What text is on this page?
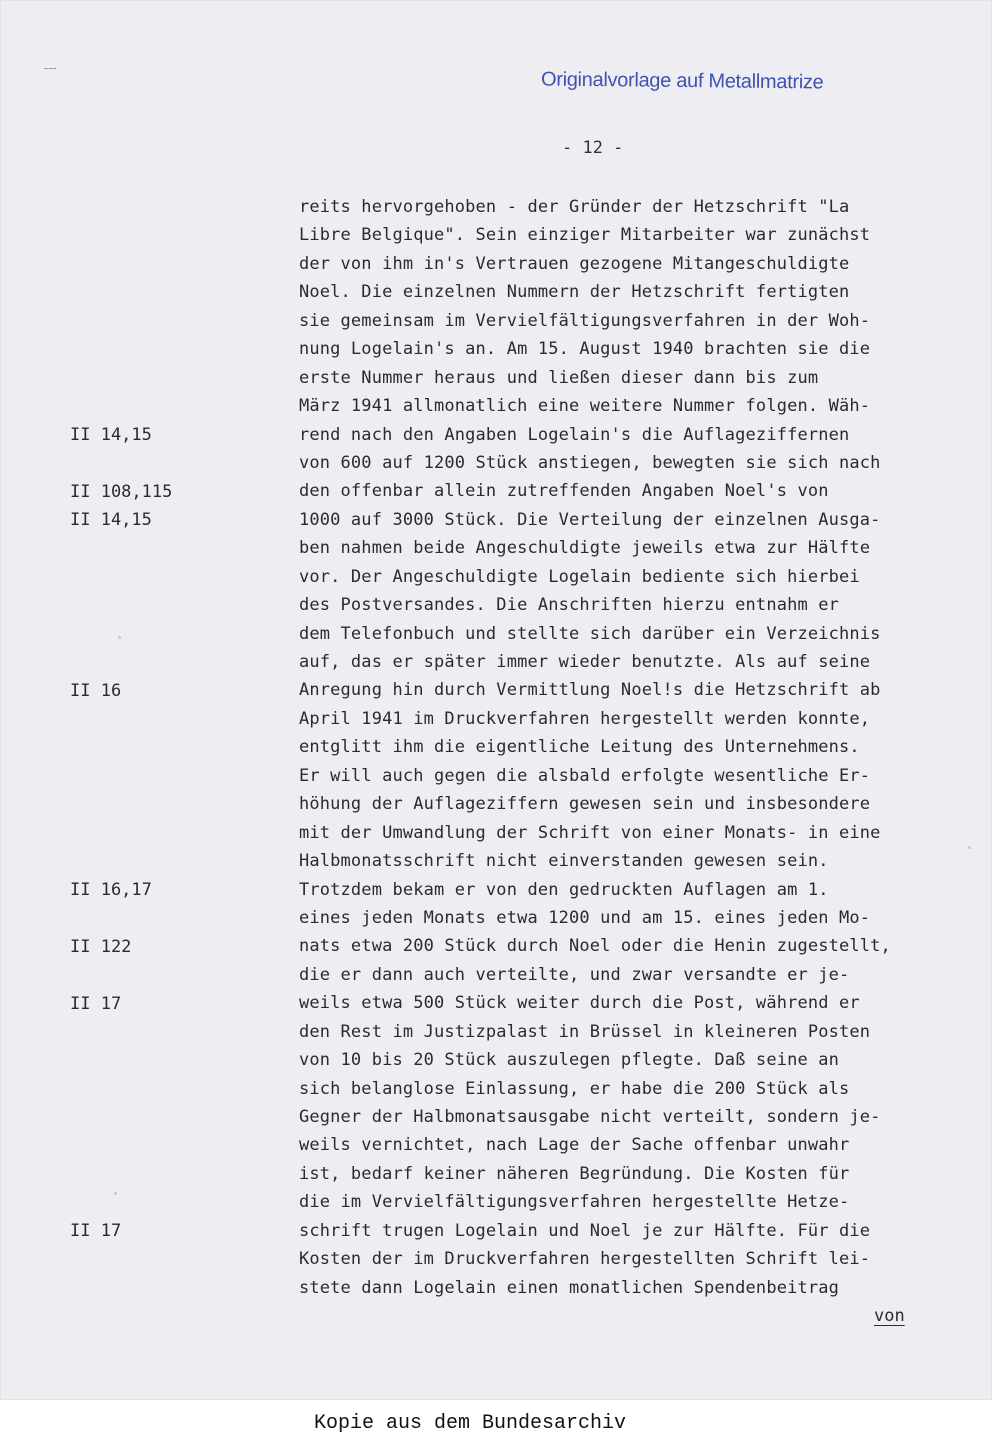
~~~	Originalvorlage auf Metallmatrize
- 12 -
II 14,15
II 108,115
II 14,15
II 16
II 16,17
II 122
II 17
II 17
reits hervorgehoben - der Gründer der Hetzschrift "La
Libre Belgique". Sein einziger Mitarbeiter war zunächst
der von ihm in's Vertrauen gezogene Mitangeschuldigte
Noel. Die einzelnen Nummern der Hetzschrift fertigten
sie gemeinsam im Vervielfältigungsverfahren in der Woh-
nung Logelain's an. Am 15. August 1940 brachten sie die
erste Nummer heraus und ließen dieser dann bis zum
März 1941 allmonatlich eine weitere Nummer folgen. Wäh-
rend nach den Angaben Logelain's die Auflageziffernen
von 600 auf 1200 Stück anstiegen, bewegten sie sich nach
den offenbar allein zutreffenden Angaben Noel's von
1000 auf 3000 Stück. Die Verteilung der einzelnen Ausga-
ben nahmen beide Angeschuldigte jeweils etwa zur Hälfte
vor. Der Angeschuldigte Logelain bediente sich hierbei
des Postversandes. Die Anschriften hierzu entnahm er
dem Telefonbuch und stellte sich darüber ein Verzeichnis
auf, das er später immer wieder benutzte. Als auf seine
Anregung hin durch Vermittlung Noel!s die Hetzschrift ab
April 1941 im Druckverfahren hergestellt werden konnte,
entglitt ihm die eigentliche Leitung des Unternehmens.
Er will auch gegen die alsbald erfolgte wesentliche Er-
höhung der Auflageziffern gewesen sein und insbesondere
mit der Umwandlung der Schrift von einer Monats- in eine
Halbmonatsschrift nicht einverstanden gewesen sein.
Trotzdem bekam er von den gedruckten Auflagen am 1.
eines jeden Monats etwa 1200 und am 15. eines jeden Mo-
nats etwa 200 Stück durch Noel oder die Henin zugestellt,
die er dann auch verteilte, und zwar versandte er je-
weils etwa 500 Stück weiter durch die Post, während er
den Rest im Justizpalast in Brüssel in kleineren Posten
von 10 bis 20 Stück auszulegen pflegte. Daß seine an
sich belanglose Einlassung, er habe die 200 Stück als
Gegner der Halbmonatsausgabe nicht verteilt, sondern je-
weils vernichtet, nach Lage der Sache offenbar unwahr
ist, bedarf keiner näheren Begründung. Die Kosten für
die im Vervielfältigungsverfahren hergestellte Hetze-
schrift trugen Logelain und Noel je zur Hälfte. Für die
Kosten der im Druckverfahren hergestellten Schrift lei-
stete dann Logelain einen monatlichen Spendenbeitrag
von
Kopie aus dem Bundesarchiv
